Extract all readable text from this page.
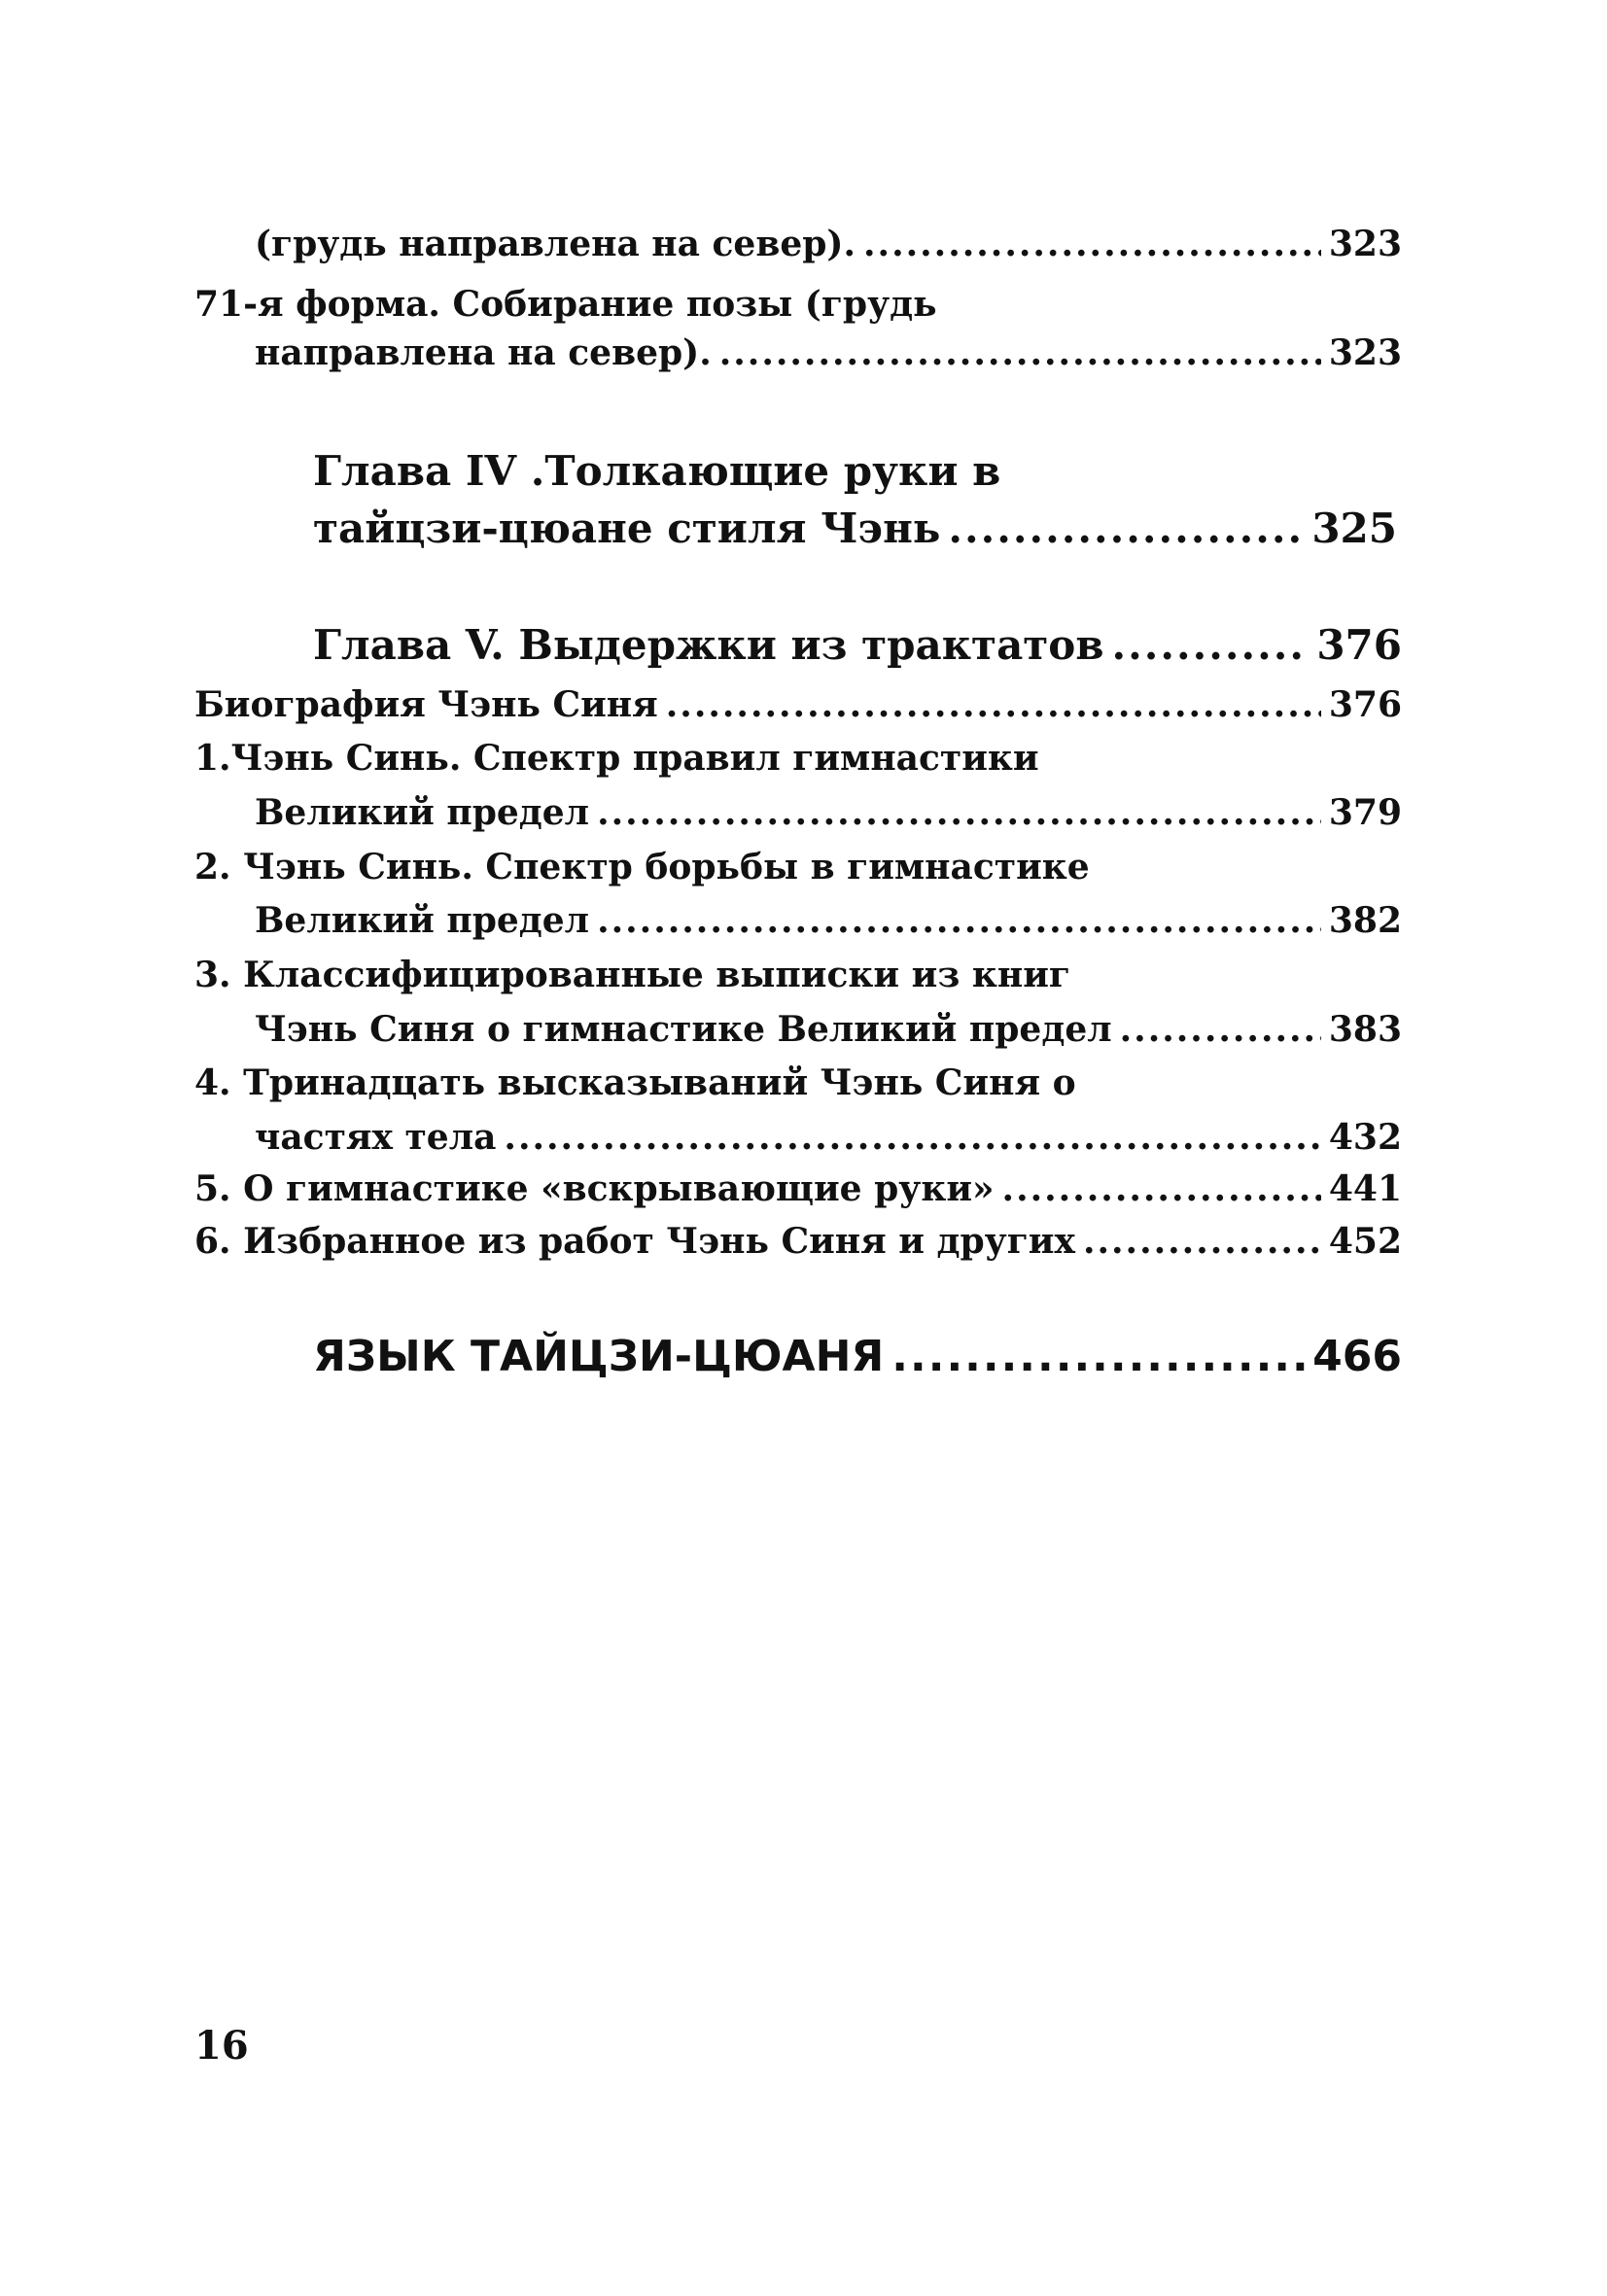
(грудь направлена на север). .....	323
71-я форма. Собирание позы (грудь
направлена на север). .....	323
Глава IV .Толкающие руки в
тайцзи-цюане стиля Чэнь .....	325
Глава V. Выдержки из трактатов .....	376
Биография Чэнь Синя .....	376
1.Чэнь Синь. Спектр правил гимнастики
Великий предел .....	379
2. Чэнь Синь. Спектр борьбы в гимнастике
Великий предел .....	382
3. Классифицированные выписки из книг
Чэнь Синя о гимнастике Великий предел .....	383
4. Тринадцать высказываний Чэнь Синя о
частях тела .....	432
5. О гимнастике «вскрывающие руки» .....	441
6. Избранное из работ Чэнь Синя и других .....	452
ЯЗЫК ТАЙЦЗИ-ЦЮАНЯ .....	466
16
